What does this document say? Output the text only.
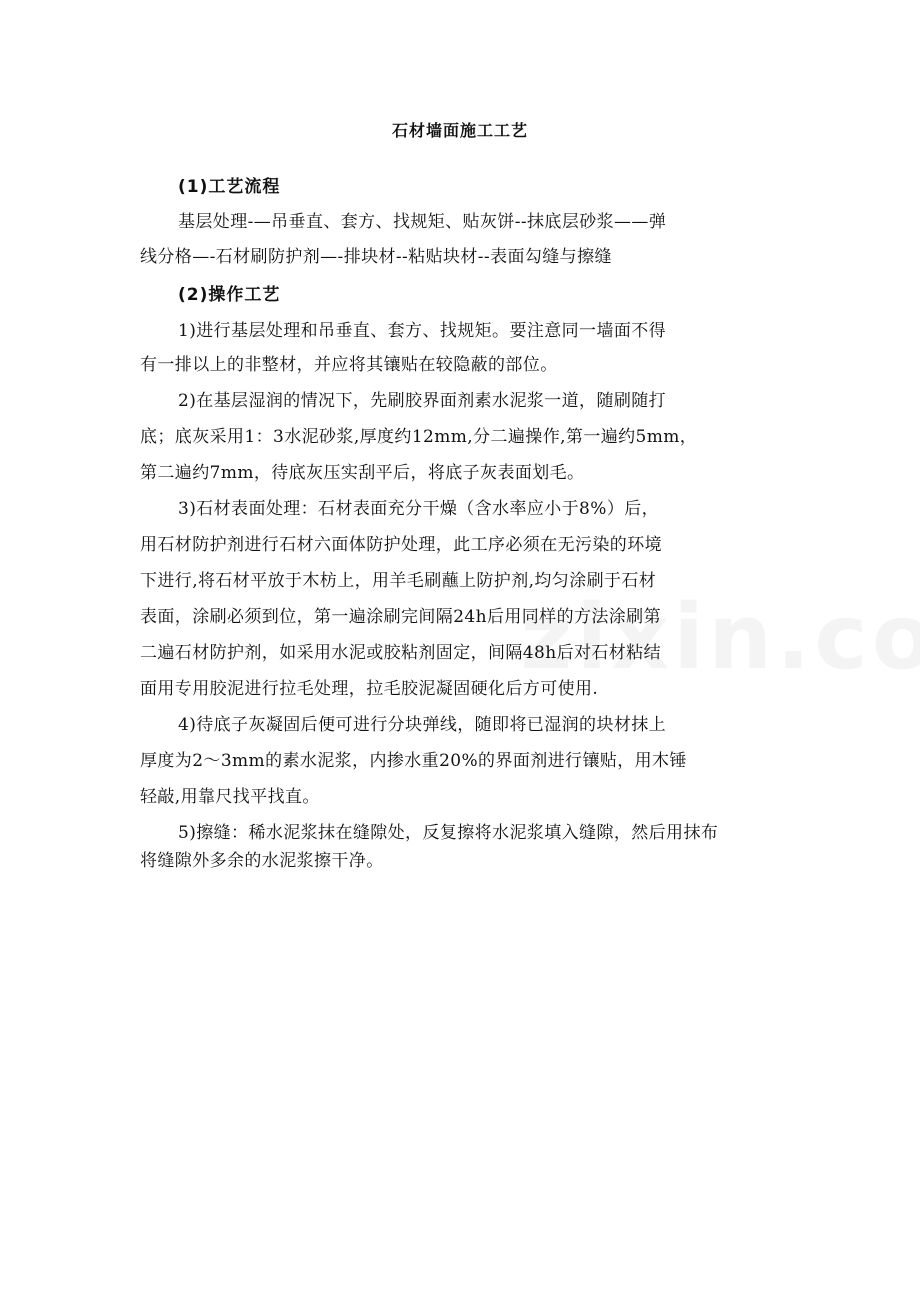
石材墙面施工工艺
(1)工艺流程
基层处理-—吊垂直、套方、找规矩、贴灰饼--抹底层砂浆——弹
线分格—-石材刷防护剂—-排块材--粘贴块材--表面勾缝与擦缝
(2)操作工艺
1)进行基层处理和吊垂直、套方、找规矩。要注意同一墙面不得
有一排以上的非整材，并应将其镶贴在较隐蔽的部位。
2)在基层湿润的情况下，先刷胶界面剂素水泥浆一道，随刷随打
底；底灰采用1：3水泥砂浆,厚度约12mm,分二遍操作,第一遍约5mm，
第二遍约7mm，待底灰压实刮平后，将底子灰表面划毛。
3)石材表面处理：石材表面充分干燥（含水率应小于8%）后，
用石材防护剂进行石材六面体防护处理，此工序必须在无污染的环境
下进行,将石材平放于木枋上，用羊毛刷蘸上防护剂,均匀涂刷于石材
表面，涂刷必须到位，第一遍涂刷完间隔24h后用同样的方法涂刷第
二遍石材防护剂，如采用水泥或胶粘剂固定，间隔48h后对石材粘结
面用专用胶泥进行拉毛处理，拉毛胶泥凝固硬化后方可使用.
4)待底子灰凝固后便可进行分块弹线，随即将已湿润的块材抹上
厚度为2～3mm的素水泥浆，内掺水重20%的界面剂进行镶贴，用木锤
轻敲,用靠尺找平找直。
5)擦缝：稀水泥浆抹在缝隙处，反复擦将水泥浆填入缝隙，然后用抹布
将缝隙外多余的水泥浆擦干净。
